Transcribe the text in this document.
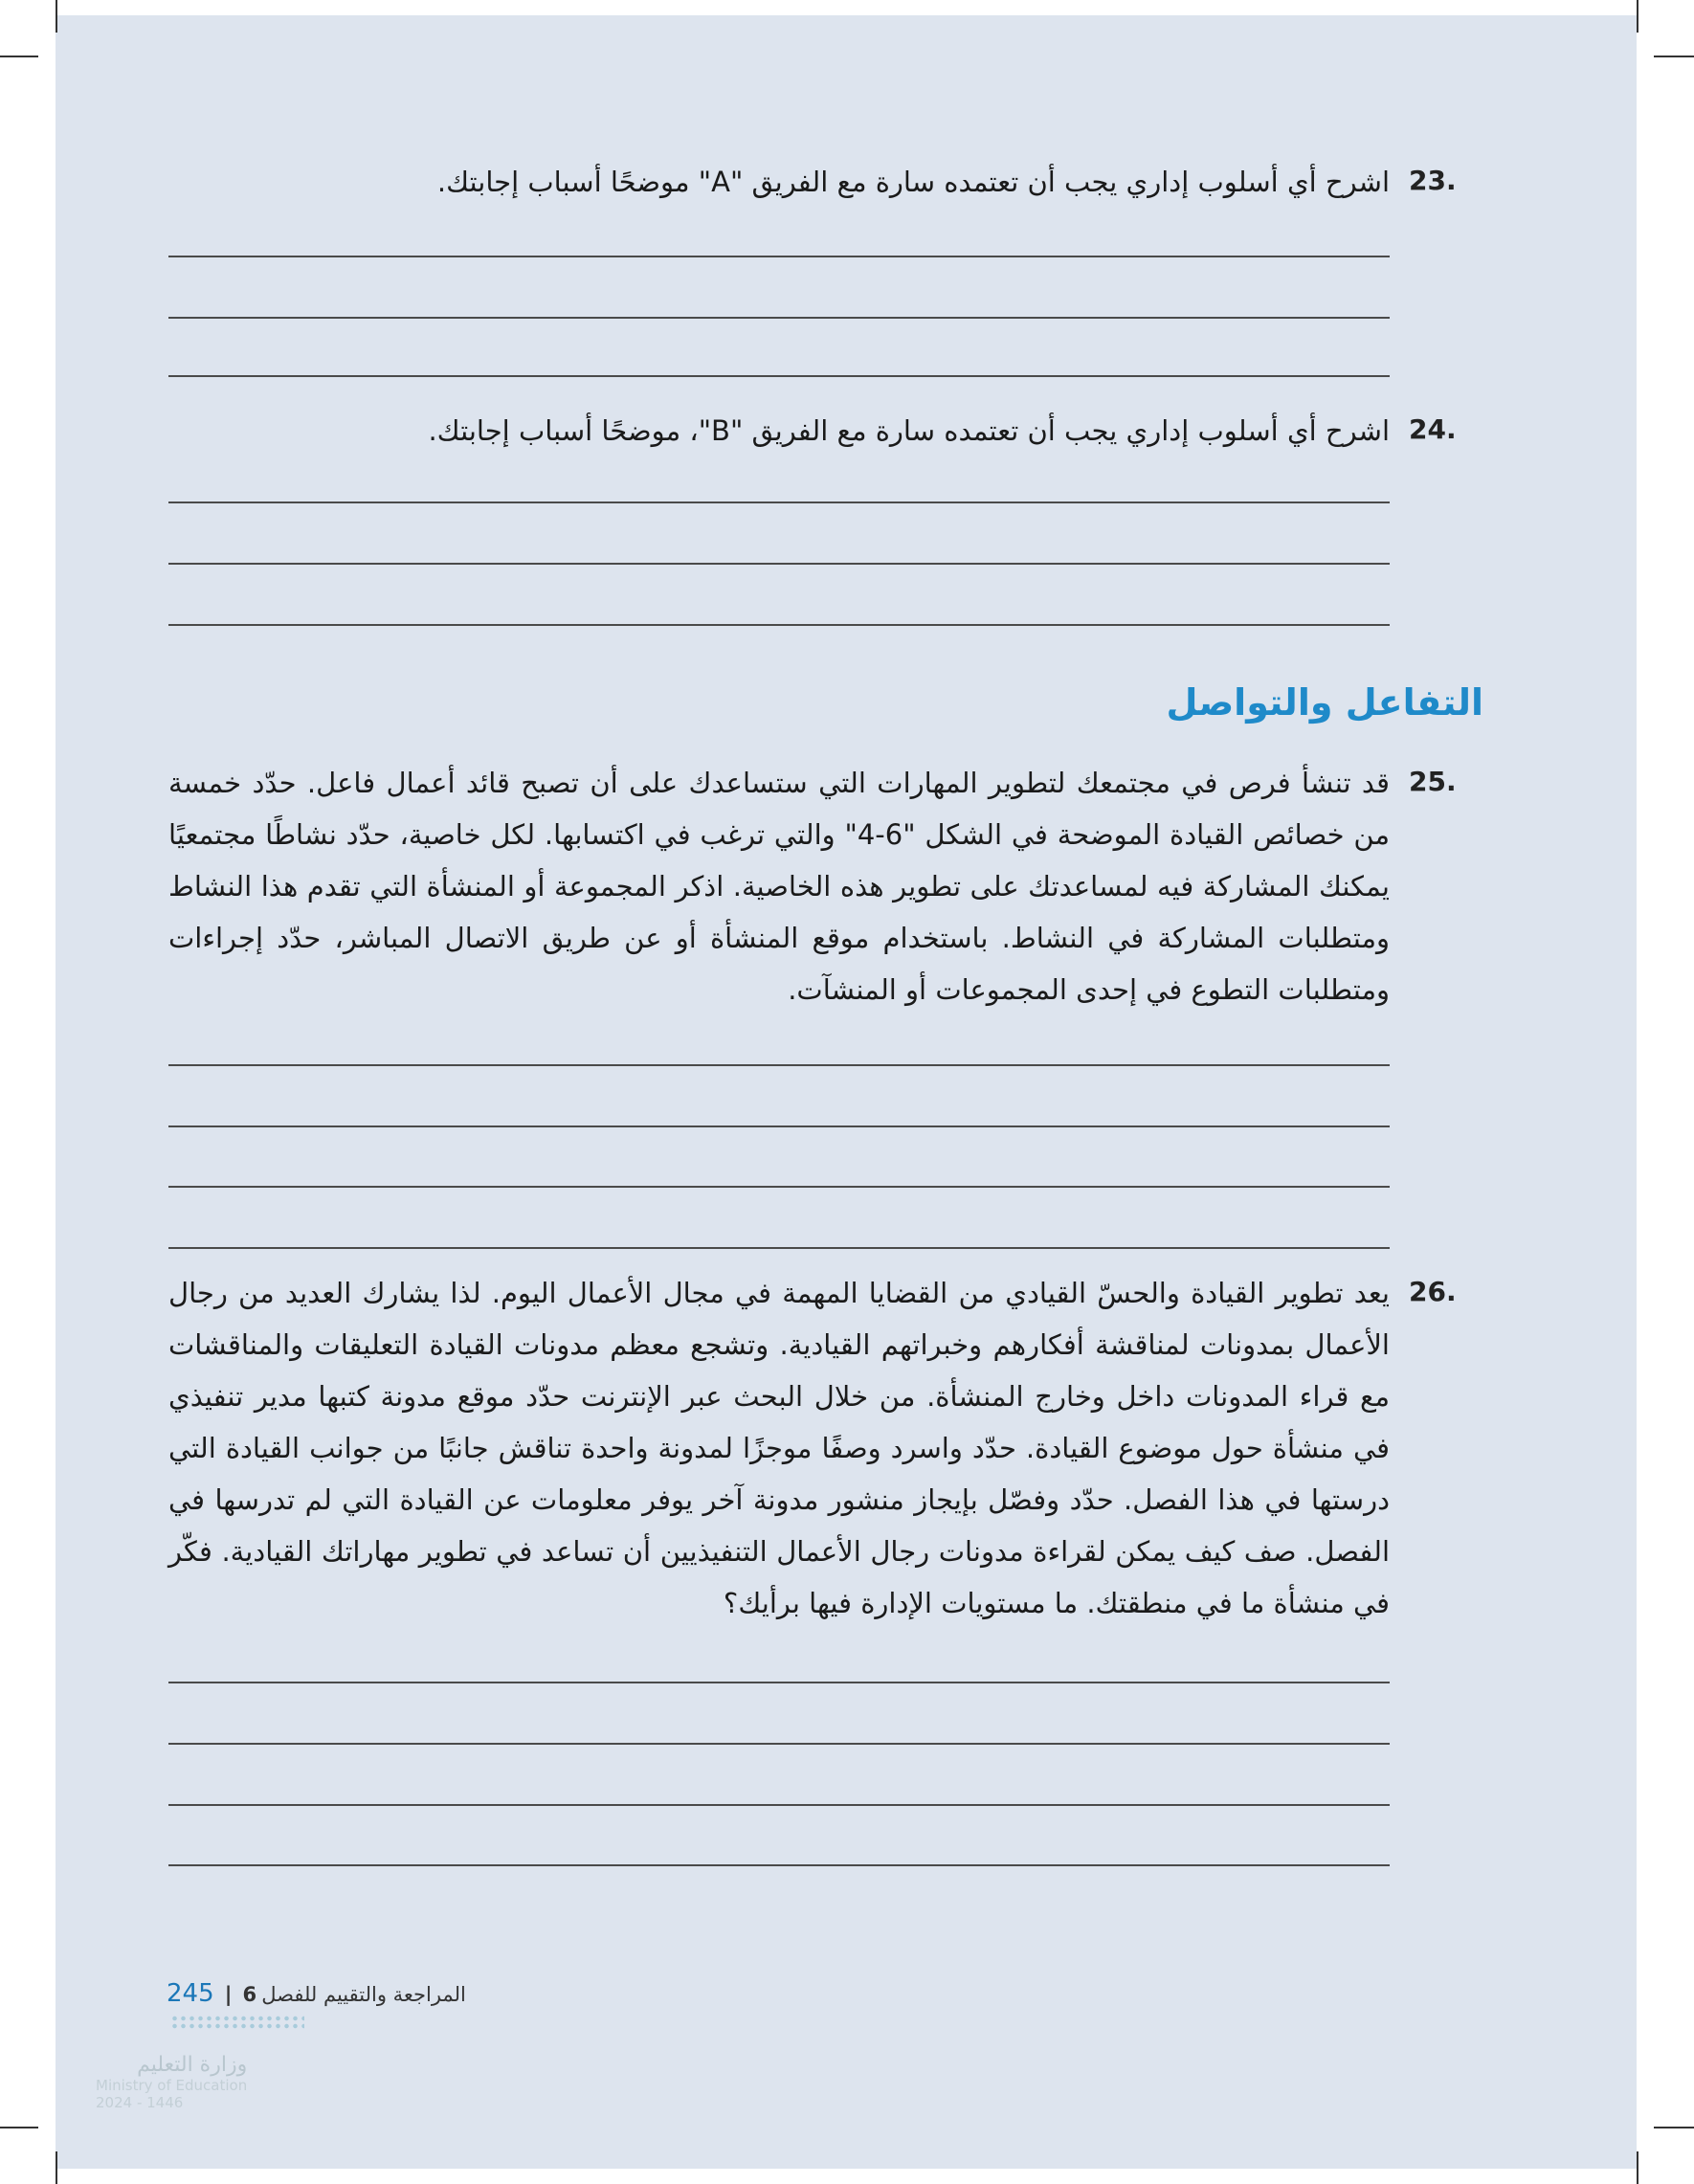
23.
اشرح أي أسلوب إداري يجب أن تعتمده سارة مع الفريق "A" موضحًا أسباب إجابتك.
24.
اشرح أي أسلوب إداري يجب أن تعتمده سارة مع الفريق "B"، موضحًا أسباب إجابتك.
التفاعل والتواصل
25.
قد تنشأ فرص في مجتمعك لتطوير المهارات التي ستساعدك على أن تصبح قائد أعمال فاعل. حدّد خمسة من خصائص القيادة الموضحة في الشكل "6-4" والتي ترغب في اكتسابها. لكل خاصية، حدّد نشاطًا مجتمعيًا يمكنك المشاركة فيه لمساعدتك على تطوير هذه الخاصية. اذكر المجموعة أو المنشأة التي تقدم هذا النشاط ومتطلبات المشاركة في النشاط. باستخدام موقع المنشأة أو عن طريق الاتصال المباشر، حدّد إجراءات ومتطلبات التطوع في إحدى المجموعات أو المنشآت.
26.
يعد تطوير القيادة والحسّ القيادي من القضايا المهمة في مجال الأعمال اليوم. لذا يشارك العديد من رجال الأعمال بمدونات لمناقشة أفكارهم وخبراتهم القيادية. وتشجع معظم مدونات القيادة التعليقات والمناقشات مع قراء المدونات داخل وخارج المنشأة. من خلال البحث عبر الإنترنت حدّد موقع مدونة كتبها مدير تنفيذي في منشأة حول موضوع القيادة. حدّد واسرد وصفًا موجزًا لمدونة واحدة تناقش جانبًا من جوانب القيادة التي درستها في هذا الفصل. حدّد وفصّل بإيجاز منشور مدونة آخر يوفر معلومات عن القيادة التي لم تدرسها في الفصل. صف كيف يمكن لقراءة مدونات رجال الأعمال التنفيذيين أن تساعد في تطوير مهاراتك القيادية. فكّر في منشأة ما في منطقتك. ما مستويات الإدارة فيها برأيك؟
245 | 6 المراجعة والتقييم للفصل
وزارة التعليم
Ministry of Education
2024 - 1446
